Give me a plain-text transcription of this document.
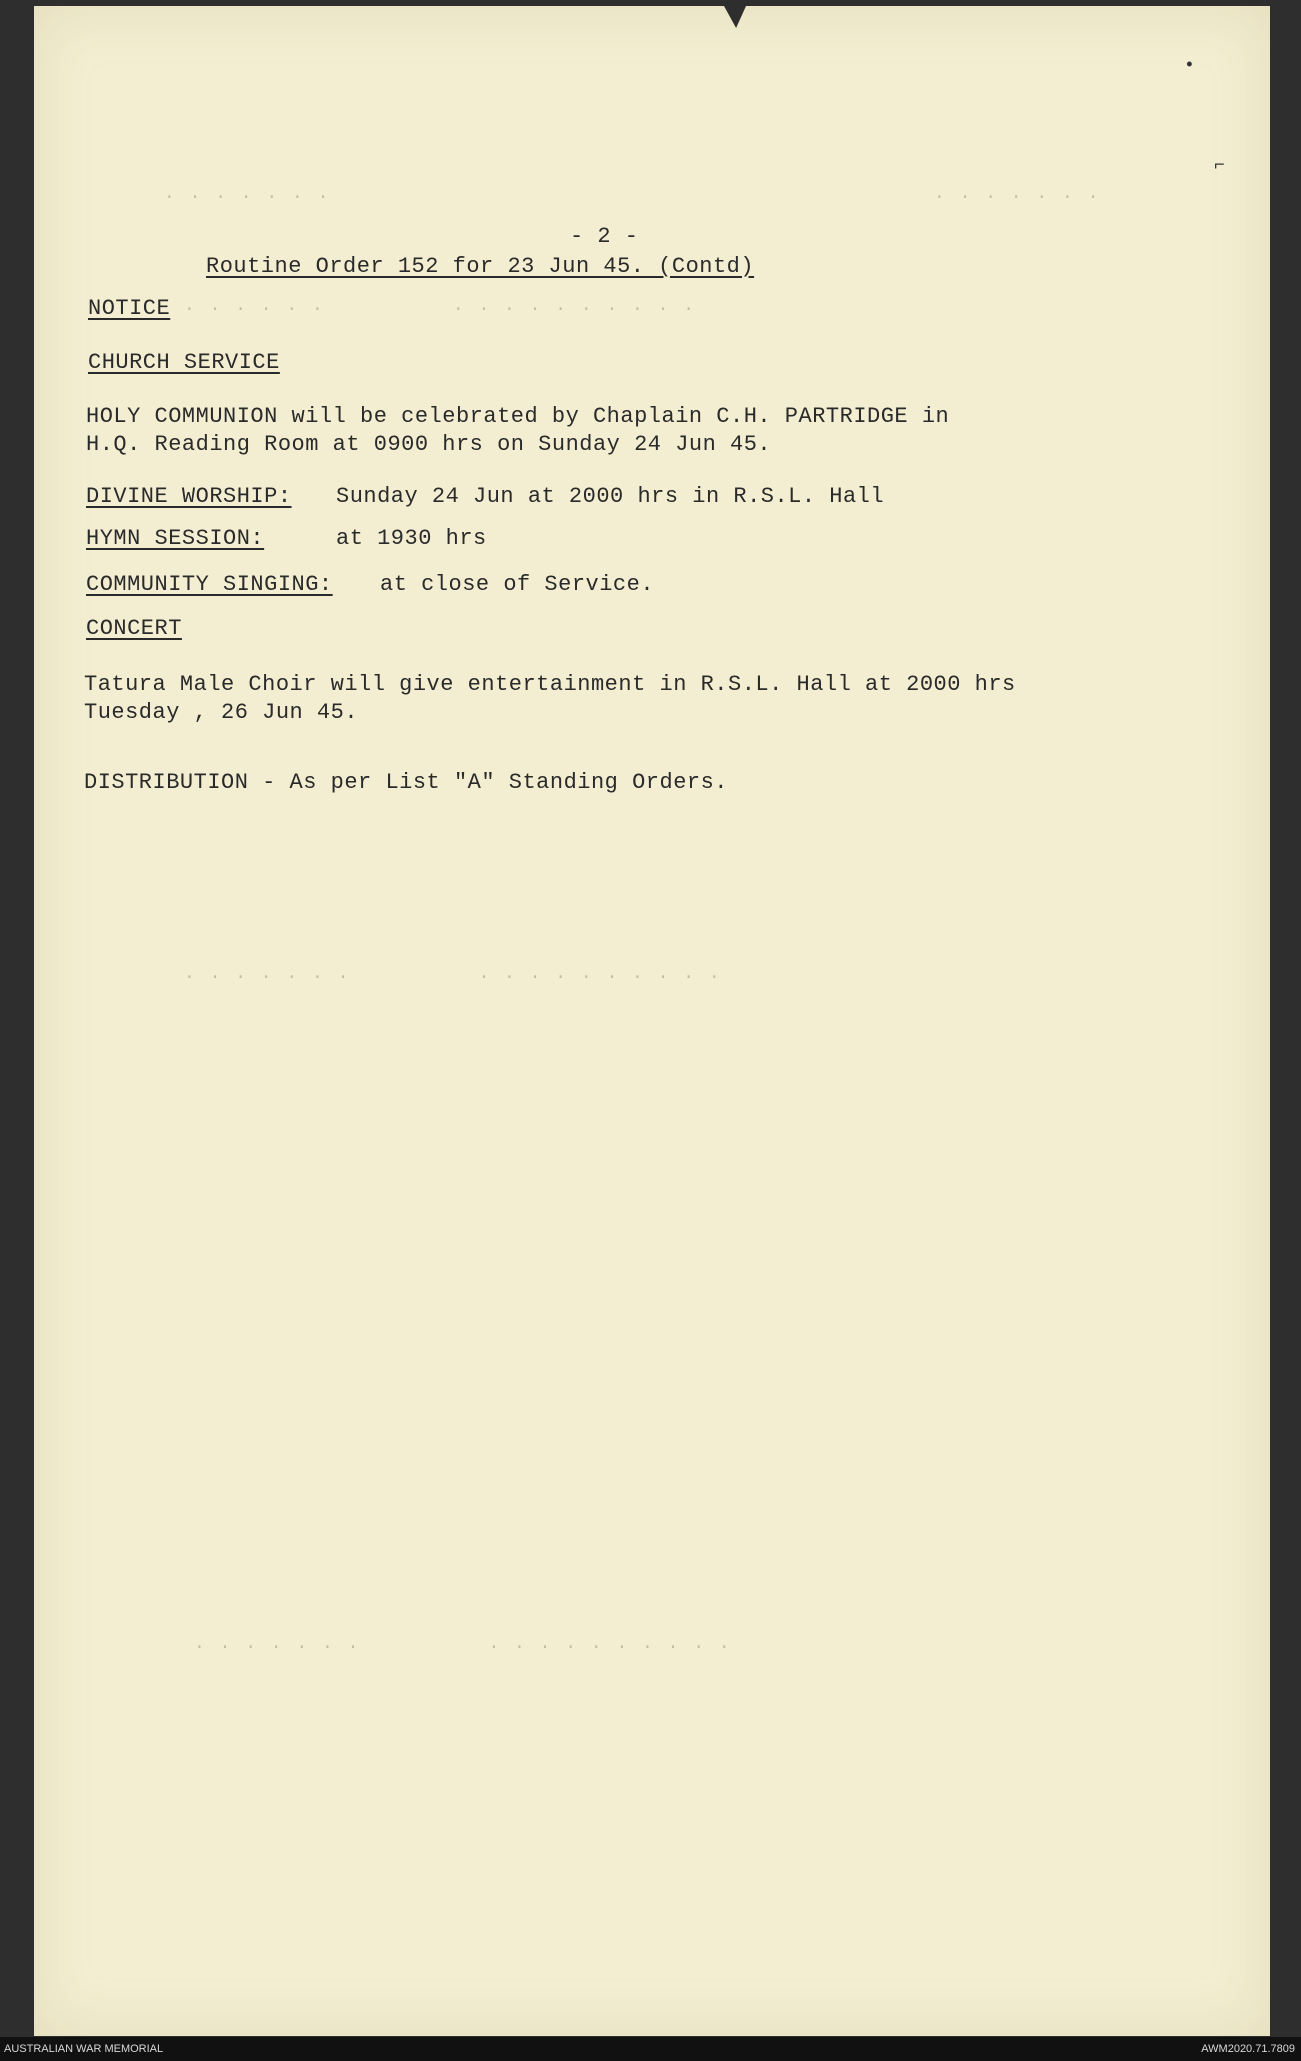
. . . . . . .	. . . . . . .
. . . . . . .          . . . . . . . . . .
. . . . . . .          . . . . . . . . . .
. . . . . .          . . . . . . . . . .
•
⌐
- 2 -
Routine Order 152 for 23 Jun 45. (Contd)
NOTICE
CHURCH SERVICE
HOLY COMMUNION will be celebrated by Chaplain C.H. PARTRIDGE in
H.Q. Reading Room at 0900 hrs on Sunday 24 Jun 45.
DIVINE WORSHIP: Sunday 24 Jun at 2000 hrs in R.S.L. Hall
HYMN SESSION:	at 1930 hrs
COMMUNITY SINGING: at close of Service.
CONCERT
Tatura Male Choir will give entertainment in R.S.L. Hall at 2000 hrs
Tuesday , 26 Jun 45.
DISTRIBUTION - As per List "A" Standing Orders.
AUSTRALIAN WAR MEMORIAL	AWM2020.71.7809
